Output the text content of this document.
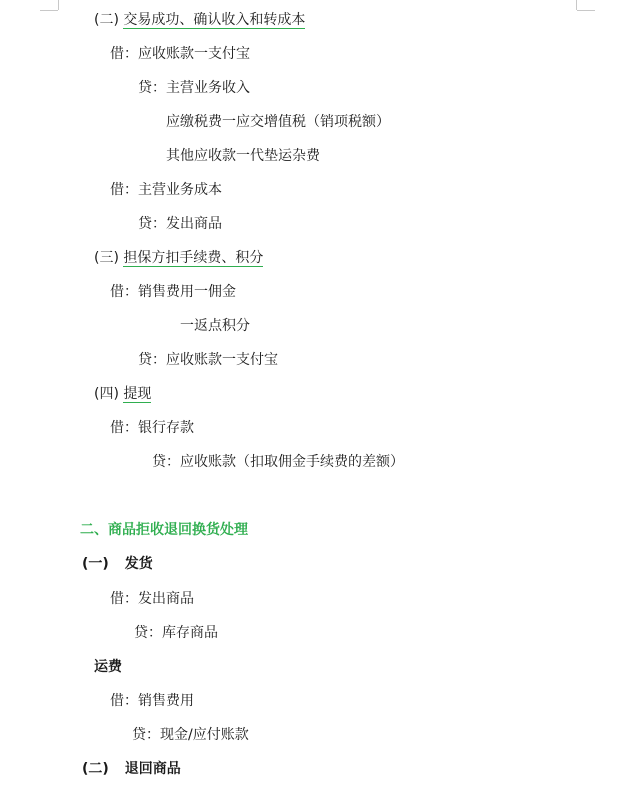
(二) 交易成功、确认收入和转成本
借：应收账款一支付宝
贷：主营业务收入
应缴税费一应交增值税（销项税额）
其他应收款一代垫运杂费
借：主营业务成本
贷：发出商品
(三) 担保方扣手续费、积分
借：销售费用一佣金
一返点积分
贷：应收账款一支付宝
(四) 提现
借：银行存款
贷：应收账款（扣取佣金手续费的差额）
二、商品拒收退回换货处理
(一) 发货
借：发出商品
贷：库存商品
运费
借：销售费用
贷：现金/应付账款
(二) 退回商品
